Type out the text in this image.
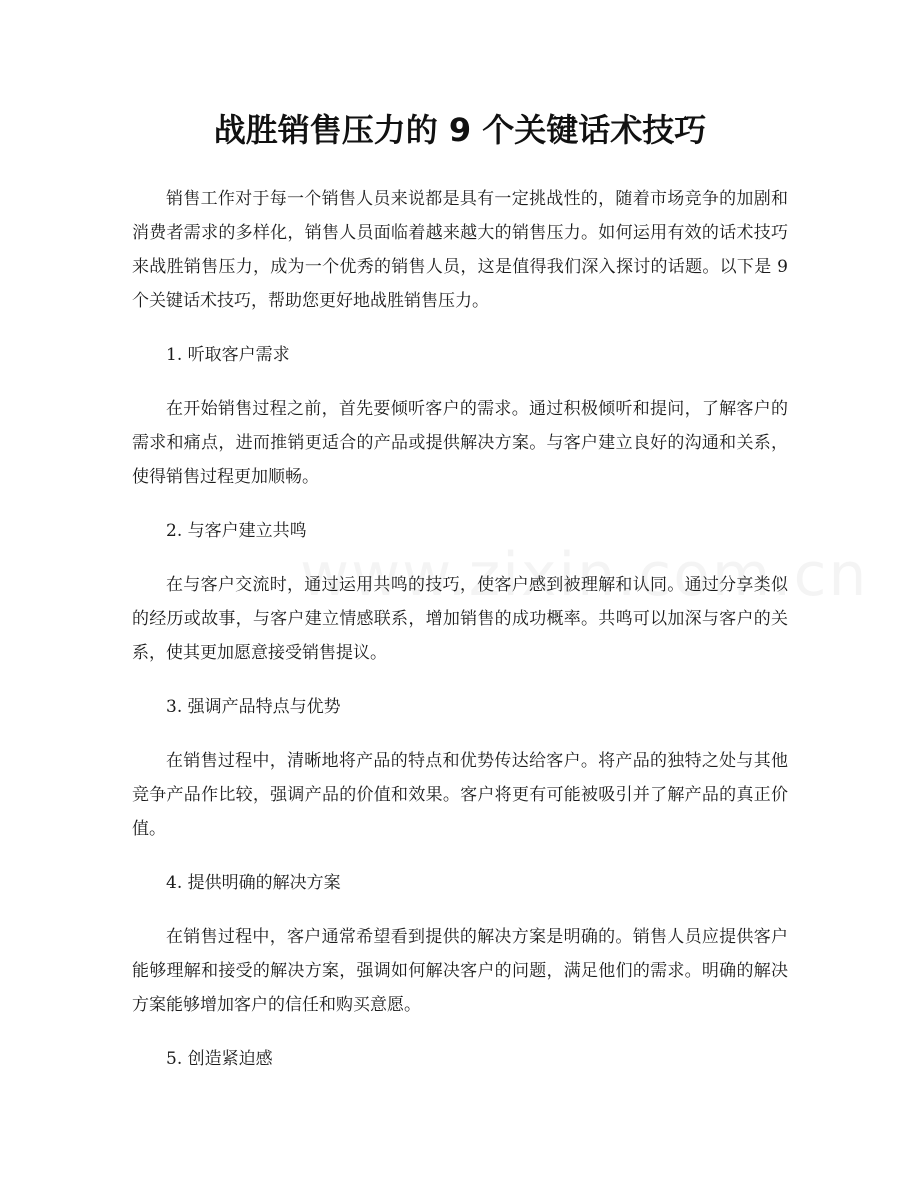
战胜销售压力的 9 个关键话术技巧

销售工作对于每一个销售人员来说都是具有一定挑战性的，随着市场竞争的加剧和消费者需求的多样化，销售人员面临着越来越大的销售压力。如何运用有效的话术技巧来战胜销售压力，成为一个优秀的销售人员，这是值得我们深入探讨的话题。以下是 9 个关键话术技巧，帮助您更好地战胜销售压力。

1. 听取客户需求

在开始销售过程之前，首先要倾听客户的需求。通过积极倾听和提问，了解客户的需求和痛点，进而推销更适合的产品或提供解决方案。与客户建立良好的沟通和关系，使得销售过程更加顺畅。

2. 与客户建立共鸣

在与客户交流时，通过运用共鸣的技巧，使客户感到被理解和认同。通过分享类似的经历或故事，与客户建立情感联系，增加销售的成功概率。共鸣可以加深与客户的关系，使其更加愿意接受销售提议。

3. 强调产品特点与优势

在销售过程中，清晰地将产品的特点和优势传达给客户。将产品的独特之处与其他竞争产品作比较，强调产品的价值和效果。客户将更有可能被吸引并了解产品的真正价值。

4. 提供明确的解决方案

在销售过程中，客户通常希望看到提供的解决方案是明确的。销售人员应提供客户能够理解和接受的解决方案，强调如何解决客户的问题，满足他们的需求。明确的解决方案能够增加客户的信任和购买意愿。

5. 创造紧迫感
